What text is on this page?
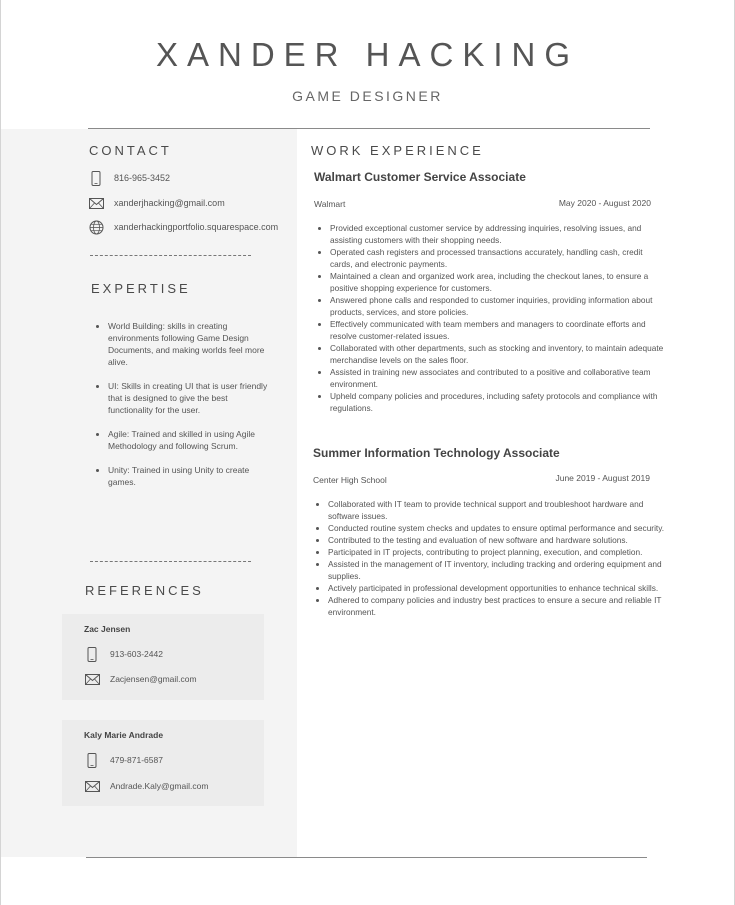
XANDER HACKING
GAME DESIGNER
CONTACT
816-965-3452
xanderjhacking@gmail.com
xanderhackingportfolio.squarespace.com
EXPERTISE
• World Building: skills in creating environments following Game Design Documents, and making worlds feel more alive.
• UI: Skills in creating UI that is user friendly that is designed to give the best functionality for the user.
• Agile: Trained and skilled in using Agile Methodology and following Scrum.
• Unity: Trained in using Unity to create games.
REFERENCES
Zac Jensen
913-603-2442
Zacjensen@gmail.com
Kaly Marie Andrade
479-871-6587
Andrade.Kaly@gmail.com
WORK EXPERIENCE
Walmart Customer Service Associate
Walmart	May 2020 - August 2020
• Provided exceptional customer service by addressing inquiries, resolving issues, and assisting customers with their shopping needs.
• Operated cash registers and processed transactions accurately, handling cash, credit cards, and electronic payments.
• Maintained a clean and organized work area, including the checkout lanes, to ensure a positive shopping experience for customers.
• Answered phone calls and responded to customer inquiries, providing information about products, services, and store policies.
• Effectively communicated with team members and managers to coordinate efforts and resolve customer-related issues.
• Collaborated with other departments, such as stocking and inventory, to maintain adequate merchandise levels on the sales floor.
• Assisted in training new associates and contributed to a positive and collaborative team environment.
• Upheld company policies and procedures, including safety protocols and compliance with regulations.
Summer Information Technology Associate
Center High School	June 2019 - August 2019
• Collaborated with IT team to provide technical support and troubleshoot hardware and software issues.
• Conducted routine system checks and updates to ensure optimal performance and security.
• Contributed to the testing and evaluation of new software and hardware solutions.
• Participated in IT projects, contributing to project planning, execution, and completion.
• Assisted in the management of IT inventory, including tracking and ordering equipment and supplies.
• Actively participated in professional development opportunities to enhance technical skills.
• Adhered to company policies and industry best practices to ensure a secure and reliable IT environment.
